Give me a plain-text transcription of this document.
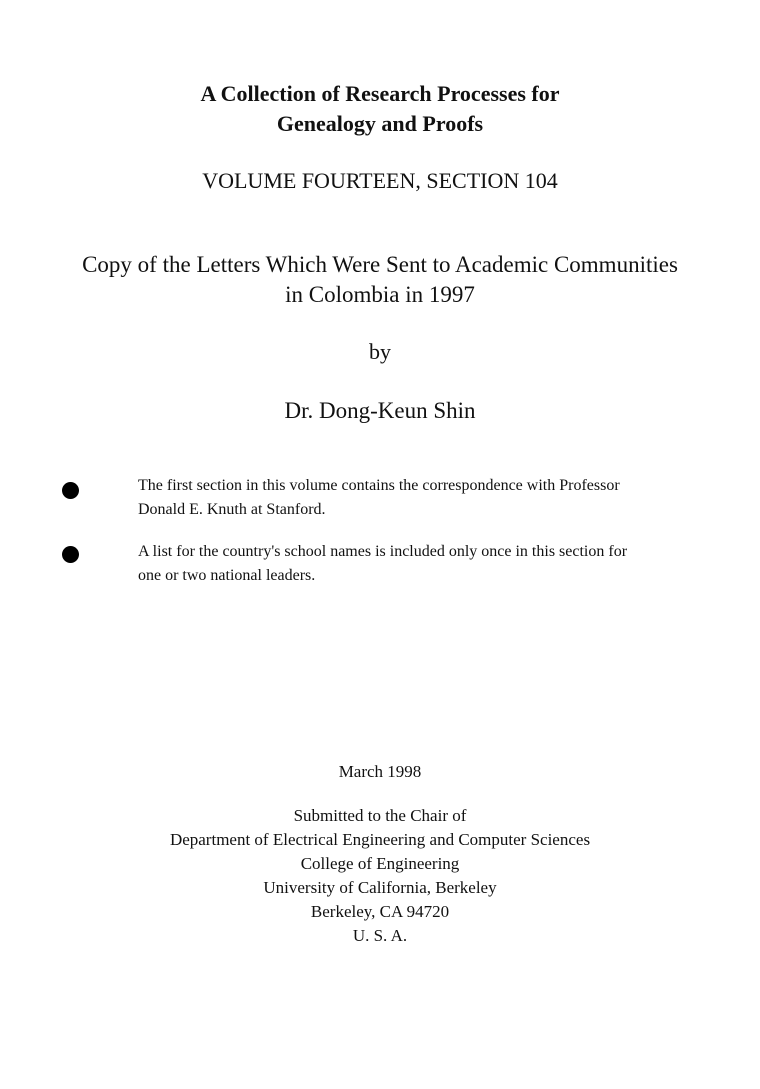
A Collection of Research Processes for
Genealogy and Proofs
VOLUME FOURTEEN, SECTION 104
Copy of the Letters Which Were Sent to Academic Communities
in Colombia in 1997
by
Dr. Dong-Keun Shin
The first section in this volume contains the correspondence with Professor
Donald E. Knuth at Stanford.
A list for the country's school names is included only once in this section for
one or two national leaders.
March 1998
Submitted to the Chair of
Department of Electrical Engineering and Computer Sciences
College of Engineering
University of California, Berkeley
Berkeley, CA 94720
U. S. A.
